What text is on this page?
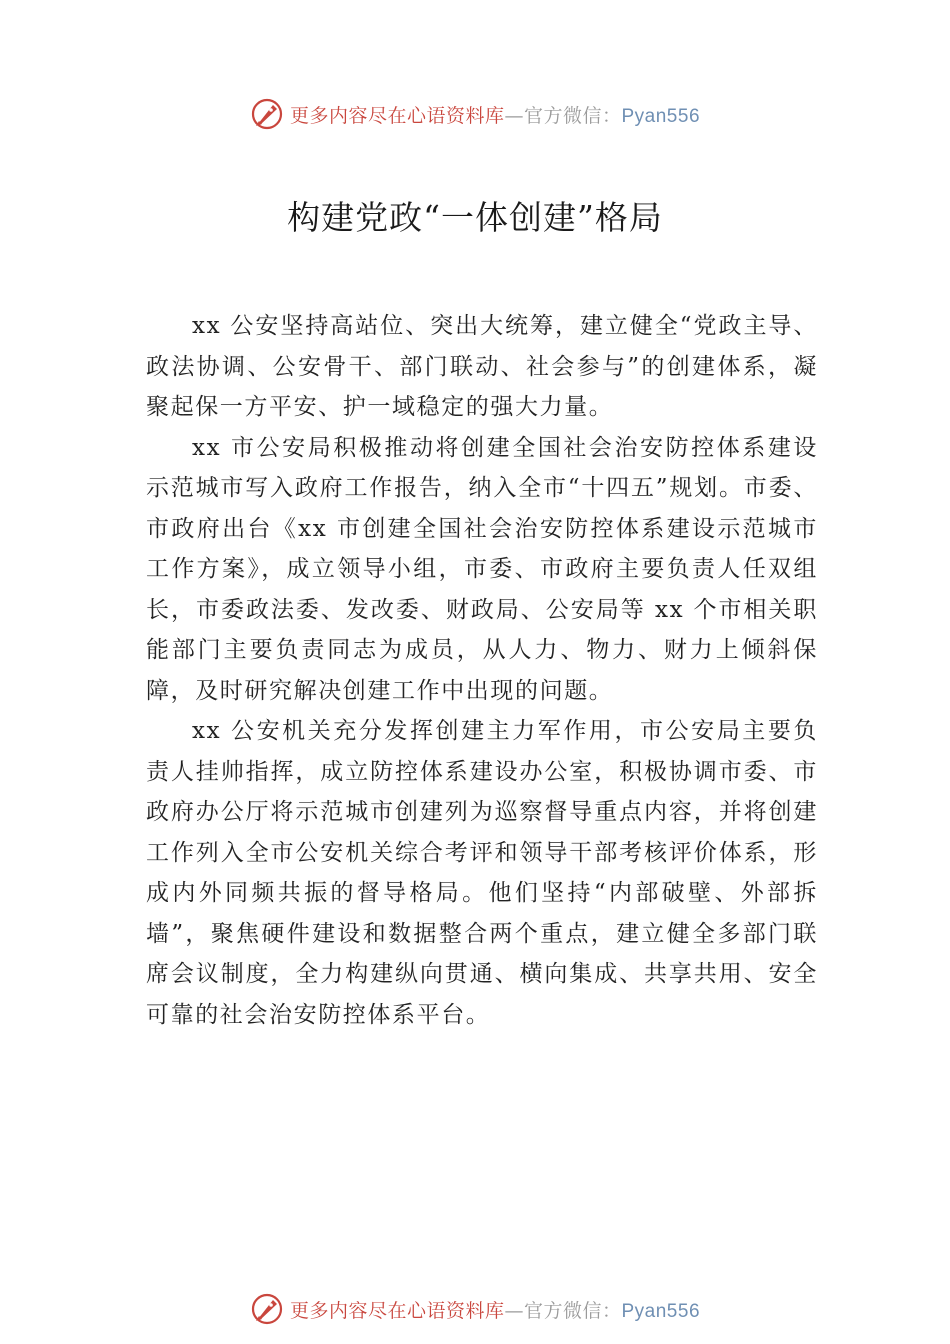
更多内容尽在心语资料库—官方微信：Pyan556
构建党政“一体创建”格局

xx 公安坚持高站位、突出大统筹，建立健全“党政主导、政法协调、公安骨干、部门联动、社会参与”的创建体系，凝聚起保一方平安、护一域稳定的强大力量。

xx 市公安局积极推动将创建全国社会治安防控体系建设示范城市写入政府工作报告，纳入全市“十四五”规划。市委、市政府出台《xx 市创建全国社会治安防控体系建设示范城市工作方案》，成立领导小组，市委、市政府主要负责人任双组长，市委政法委、发改委、财政局、公安局等 xx 个市相关职能部门主要负责同志为成员，从人力、物力、财力上倾斜保障，及时研究解决创建工作中出现的问题。

xx 公安机关充分发挥创建主力军作用，市公安局主要负责人挂帅指挥，成立防控体系建设办公室，积极协调市委、市政府办公厅将示范城市创建列为巡察督导重点内容，并将创建工作列入全市公安机关综合考评和领导干部考核评价体系，形成内外同频共振的督导格局。他们坚持“内部破壁、外部拆墙”，聚焦硬件建设和数据整合两个重点，建立健全多部门联席会议制度，全力构建纵向贯通、横向集成、共享共用、安全可靠的社会治安防控体系平台。

更多内容尽在心语资料库—官方微信：Pyan556
